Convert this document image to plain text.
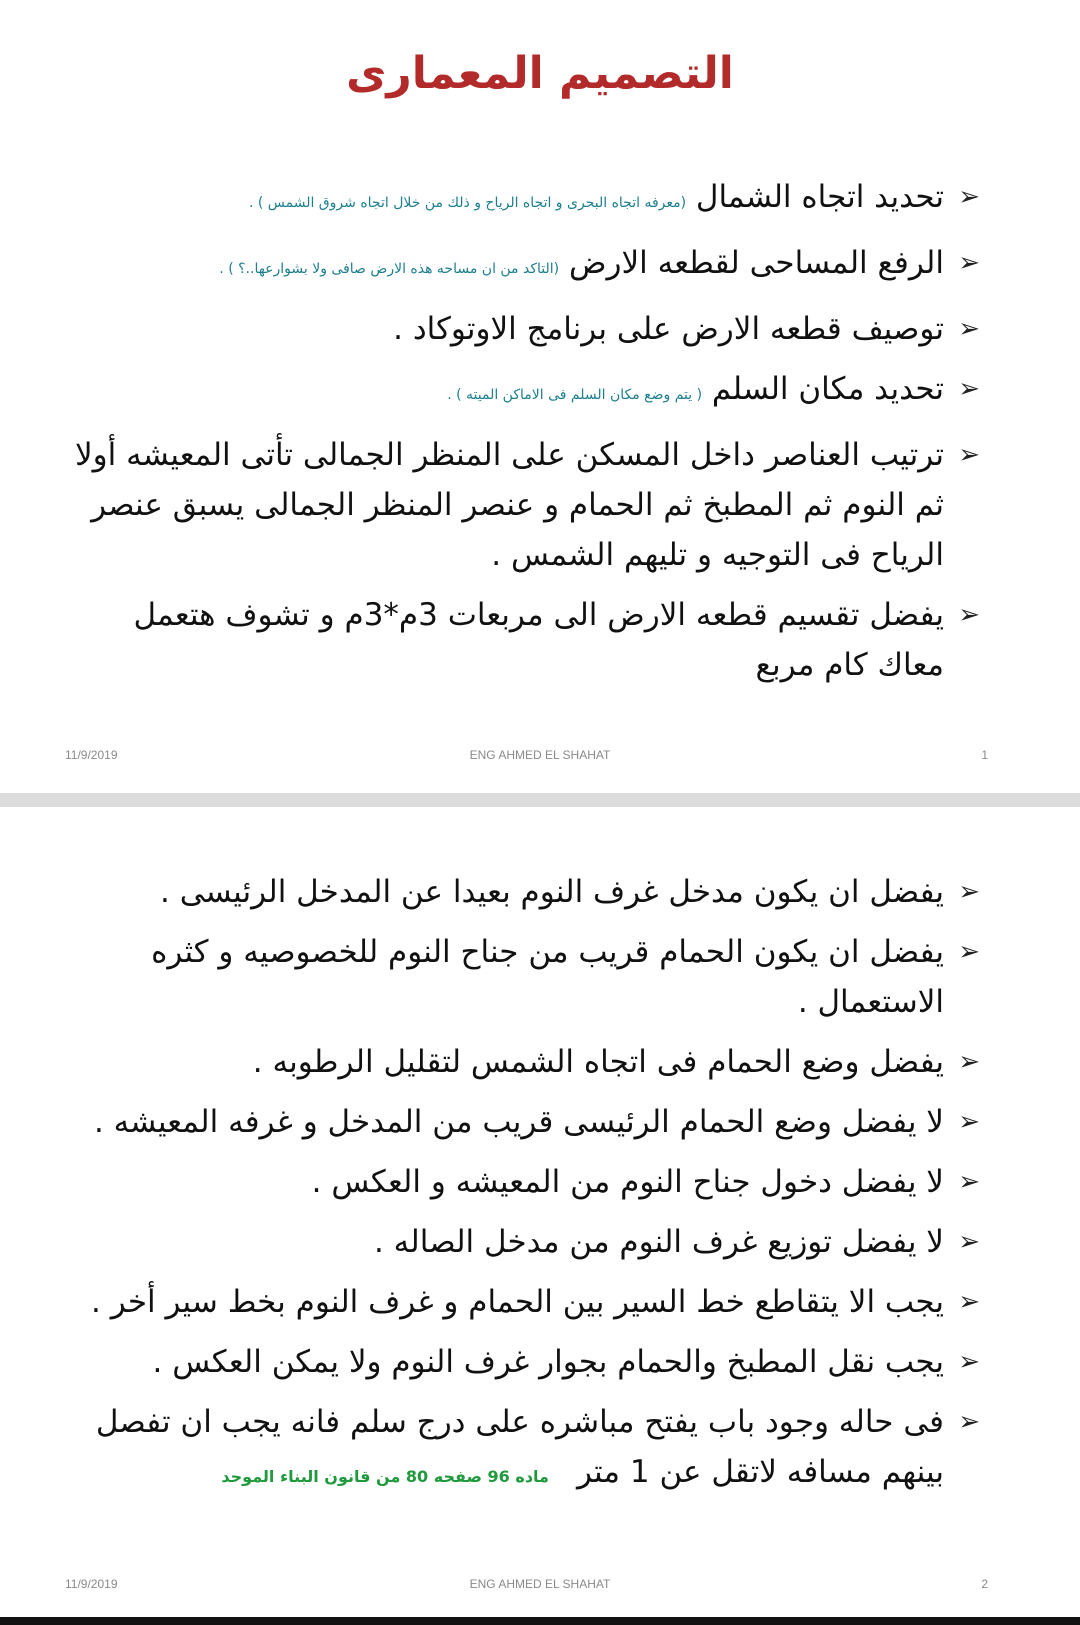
التصميم المعمارى
➢
تحديد اتجاه الشمال (معرفه اتجاه البحرى و اتجاه الرياح و ذلك من خلال اتجاه شروق الشمس ) .
➢
الرفع المساحى لقطعه الارض (التاكد من ان مساحه هذه الارض صافى ولا بشوارعها..؟ ) .
➢
توصيف قطعه الارض على برنامج الاوتوكاد .
➢
تحديد مكان السلم ( يتم وضع مكان السلم فى الاماكن الميته ) .
➢
ترتيب العناصر داخل المسكن على المنظر الجمالى تأتى المعيشه أولا ثم النوم ثم المطبخ ثم الحمام و عنصر المنظر الجمالى يسبق عنصر الرياح فى التوجيه و تليهم الشمس .
➢
يفضل تقسيم قطعه الارض الى مربعات 3م*3م و تشوف هتعمل معاك كام مربع
11/9/2019	ENG AHMED EL SHAHAT	1
➢
يفضل ان يكون مدخل غرف النوم بعيدا عن المدخل الرئيسى .
➢
يفضل ان يكون الحمام قريب من جناح النوم للخصوصيه و كثره الاستعمال .
➢
يفضل وضع الحمام فى اتجاه الشمس لتقليل الرطوبه .
➢
لا يفضل وضع الحمام الرئيسى قريب من المدخل و غرفه المعيشه .
➢
لا يفضل دخول جناح النوم من المعيشه و العكس .
➢
لا يفضل توزيع غرف النوم من مدخل الصاله .
➢
يجب الا يتقاطع خط السير بين الحمام و غرف النوم بخط سير أخر .
➢
يجب نقل المطبخ والحمام بجوار غرف النوم ولا يمكن العكس .
➢
فى حاله وجود باب يفتح مباشره على درج سلم فانه يجب ان تفصل بينهم مسافه لاتقل عن 1 مترماده 96 صفحه 80 من قانون البناء الموحد
11/9/2019	ENG AHMED EL SHAHAT	2
